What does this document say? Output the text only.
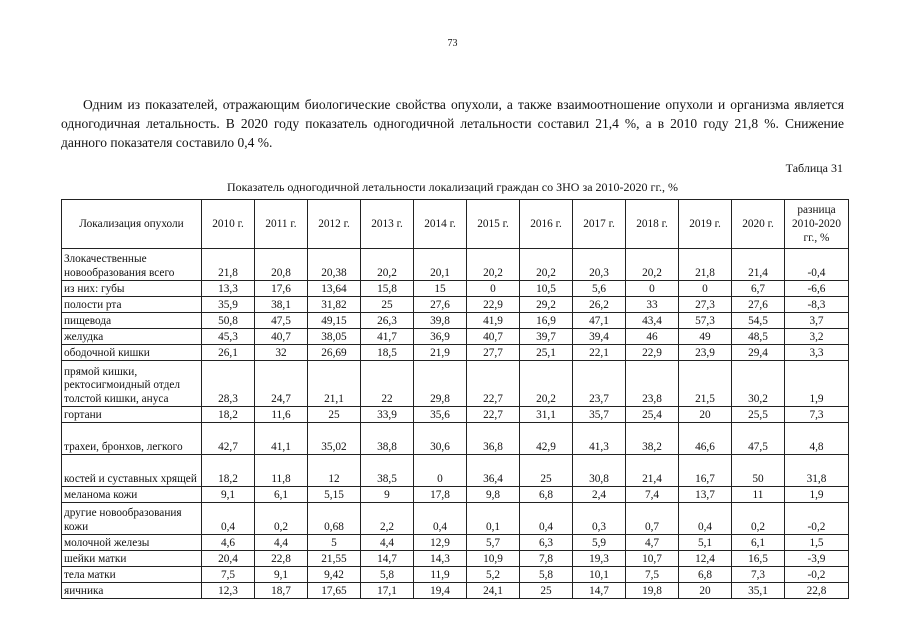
73

Одним из показателей, отражающим биологические свойства опухоли, а также взаимоотношение опухоли и организма является одногодичная летальность. В 2020 году показатель одногодичной летальности составил 21,4 %, а в 2010 году 21,8 %. Снижение данного показателя составило 0,4 %.

Таблица 31
Показатель одногодичной летальности локализаций граждан со ЗНО за 2010-2020 гг., %
Локализация опухоли	2010 г.	2011 г.	2012 г.	2013 г.	2014 г.	2015 г.	2016 г.	2017 г.	2018 г.	2019 г.	2020 г.	разница 2010-2020 гг., %
Злокачественные новообразования всего	21,8	20,8	20,38	20,2	20,1	20,2	20,2	20,3	20,2	21,8	21,4	-0,4
из них: губы	13,3	17,6	13,64	15,8	15	0	10,5	5,6	0	0	6,7	-6,6
полости рта	35,9	38,1	31,82	25	27,6	22,9	29,2	26,2	33	27,3	27,6	-8,3
пищевода	50,8	47,5	49,15	26,3	39,8	41,9	16,9	47,1	43,4	57,3	54,5	3,7
желудка	45,3	40,7	38,05	41,7	36,9	40,7	39,7	39,4	46	49	48,5	3,2
ободочной кишки	26,1	32	26,69	18,5	21,9	27,7	25,1	22,1	22,9	23,9	29,4	3,3
прямой кишки, ректосигмоидный отдел толстой кишки, ануса	28,3	24,7	21,1	22	29,8	22,7	20,2	23,7	23,8	21,5	30,2	1,9
гортани	18,2	11,6	25	33,9	35,6	22,7	31,1	35,7	25,4	20	25,5	7,3
трахеи, бронхов, легкого	42,7	41,1	35,02	38,8	30,6	36,8	42,9	41,3	38,2	46,6	47,5	4,8
костей и суставных хрящей	18,2	11,8	12	38,5	0	36,4	25	30,8	21,4	16,7	50	31,8
меланома кожи	9,1	6,1	5,15	9	17,8	9,8	6,8	2,4	7,4	13,7	11	1,9
другие новообразования кожи	0,4	0,2	0,68	2,2	0,4	0,1	0,4	0,3	0,7	0,4	0,2	-0,2
молочной железы	4,6	4,4	5	4,4	12,9	5,7	6,3	5,9	4,7	5,1	6,1	1,5
шейки матки	20,4	22,8	21,55	14,7	14,3	10,9	7,8	19,3	10,7	12,4	16,5	-3,9
тела матки	7,5	9,1	9,42	5,8	11,9	5,2	5,8	10,1	7,5	6,8	7,3	-0,2
яичника	12,3	18,7	17,65	17,1	19,4	24,1	25	14,7	19,8	20	35,1	22,8
